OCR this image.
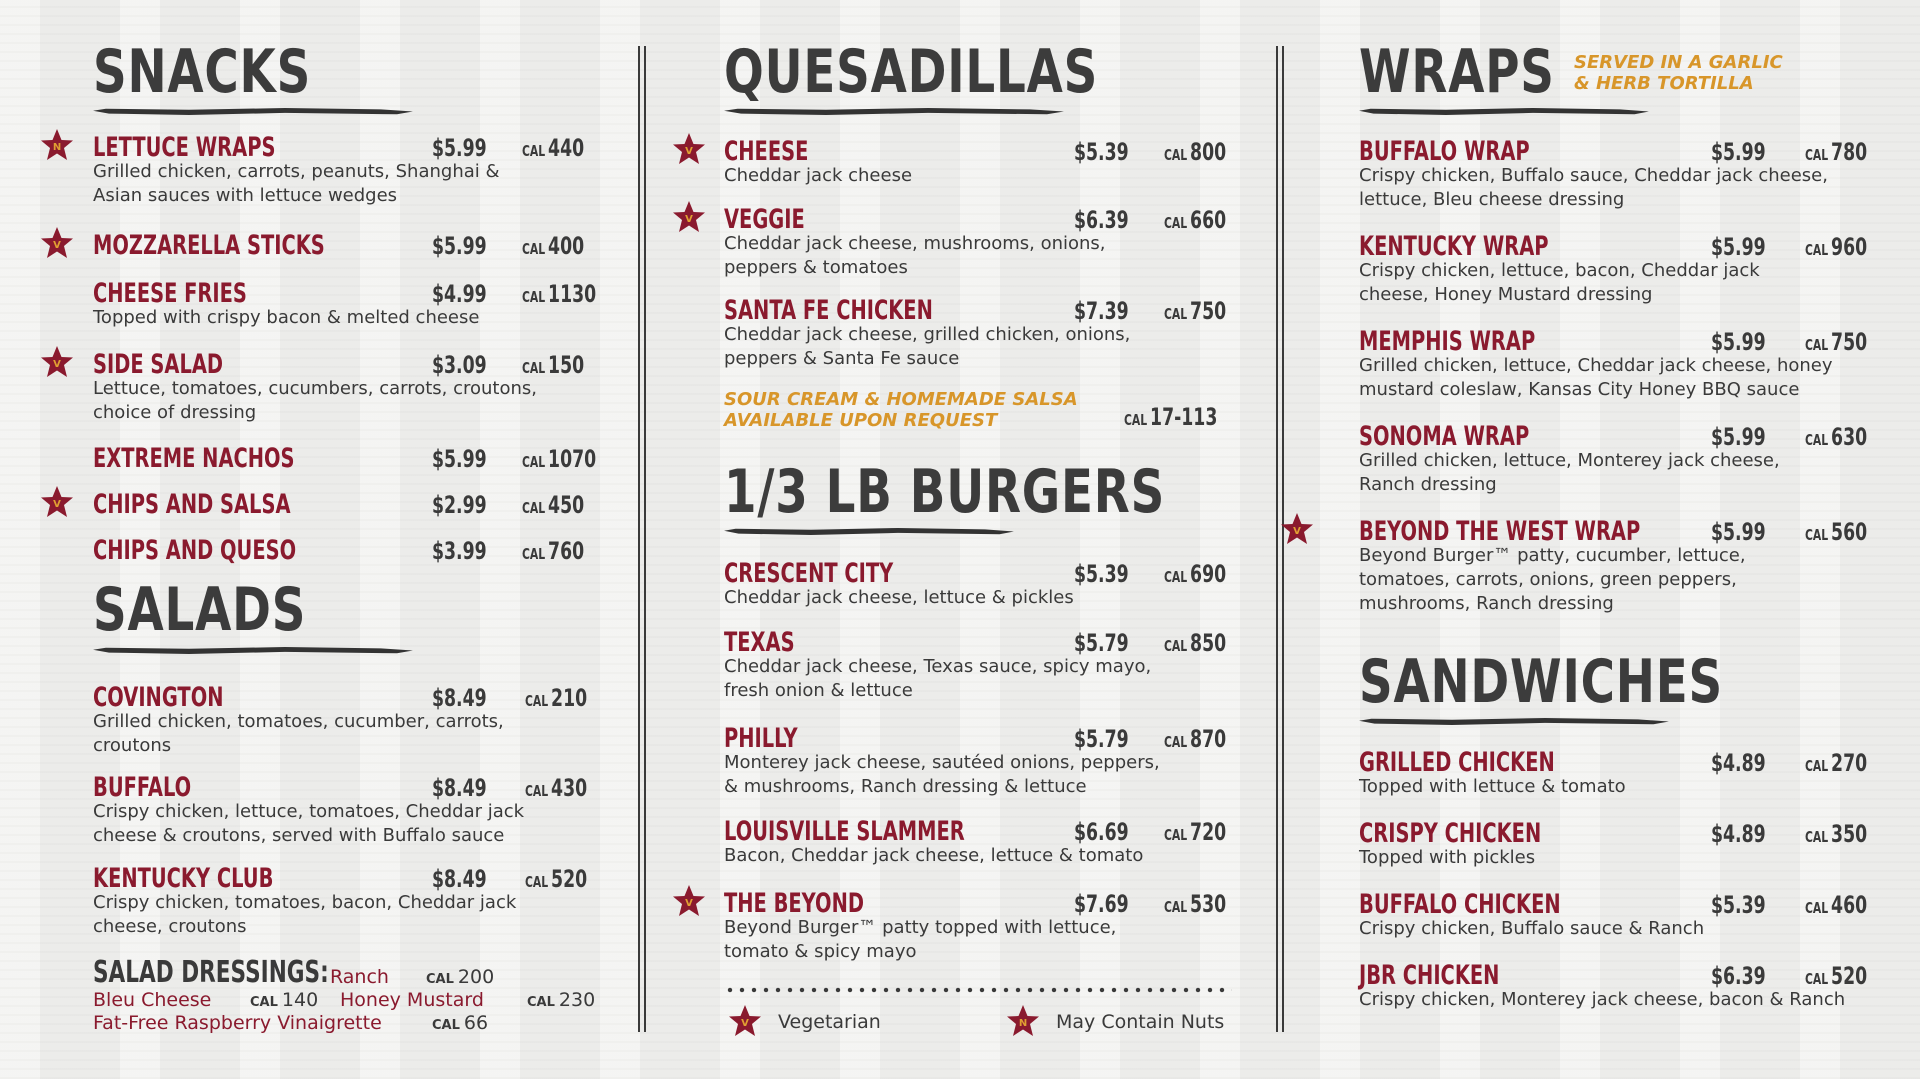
SNACKS
N LETTUCE WRAPS	$5.99 CAL 440
Grilled chicken, carrots, peanuts, Shanghai &
Asian sauces with lettuce wedges
V MOZZARELLA STICKS	$5.99 CAL 400
CHEESE FRIES	$4.99 CAL 1130
Topped with crispy bacon & melted cheese
V SIDE SALAD	$3.09 CAL 150
Lettuce, tomatoes, cucumbers, carrots, croutons,
choice of dressing
EXTREME NACHOS	$5.99 CAL 1070
V CHIPS AND SALSA	$2.99 CAL 450
CHIPS AND QUESO	$3.99 CAL 760
SALADS
COVINGTON	$8.49	CAL 210
Grilled chicken, tomatoes, cucumber, carrots,
croutons
BUFFALO	$8.49	CAL 430
Crispy chicken, lettuce, tomatoes, Cheddar jack
cheese & croutons, served with Buffalo sauce
KENTUCKY CLUB	$8.49	CAL 520
Crispy chicken, tomatoes, bacon, Cheddar jack
cheese, croutons
SALAD DRESSINGS: Ranch	CAL 200
Bleu Cheese	CAL 140 Honey Mustard	CAL 230
Fat-Free Raspberry Vinaigrette	CAL 66
QUESADILLAS
V CHEESE	$5.39 CAL 800
Cheddar jack cheese
V VEGGIE	$6.39 CAL 660
Cheddar jack cheese, mushrooms, onions,
peppers & tomatoes
SANTA FE CHICKEN	$7.39 CAL 750
Cheddar jack cheese, grilled chicken, onions,
peppers & Santa Fe sauce
SOUR CREAM & HOMEMADE SALSA
AVAILABLE UPON REQUEST	CAL 17-113
1/3 LB BURGERS
CRESCENT CITY	$5.39 CAL 690
Cheddar jack cheese, lettuce & pickles
TEXAS	$5.79 CAL 850
Cheddar jack cheese, Texas sauce, spicy mayo,
fresh onion & lettuce
PHILLY	$5.79 CAL 870
Monterey jack cheese, sautéed onions, peppers,
& mushrooms, Ranch dressing & lettuce
LOUISVILLE SLAMMER	$6.69 CAL 720
Bacon, Cheddar jack cheese, lettuce & tomato
V THE BEYOND	$7.69 CAL 530
Beyond Burger™ patty topped with lettuce,
tomato & spicy mayo
V Vegetarian	N May Contain Nuts
WRAPS SERVED IN A GARLIC
& HERB TORTILLA
BUFFALO WRAP	$5.99	CAL 780
Crispy chicken, Buffalo sauce, Cheddar jack cheese,
lettuce, Bleu cheese dressing
KENTUCKY WRAP	$5.99	CAL 960
Crispy chicken, lettuce, bacon, Cheddar jack
cheese, Honey Mustard dressing
MEMPHIS WRAP	$5.99	CAL 750
Grilled chicken, lettuce, Cheddar jack cheese, honey
mustard coleslaw, Kansas City Honey BBQ sauce
SONOMA WRAP	$5.99	CAL 630
Grilled chicken, lettuce, Monterey jack cheese,
Ranch dressing
V BEYOND THE WEST WRAP	$5.99	CAL 560
Beyond Burger™ patty, cucumber, lettuce,
tomatoes, carrots, onions, green peppers,
mushrooms, Ranch dressing
SANDWICHES
GRILLED CHICKEN	$4.89	CAL 270
Topped with lettuce & tomato
CRISPY CHICKEN	$4.89	CAL 350
Topped with pickles
BUFFALO CHICKEN	$5.39	CAL 460
Crispy chicken, Buffalo sauce & Ranch
JBR CHICKEN	$6.39	CAL 520
Crispy chicken, Monterey jack cheese, bacon & Ranch
